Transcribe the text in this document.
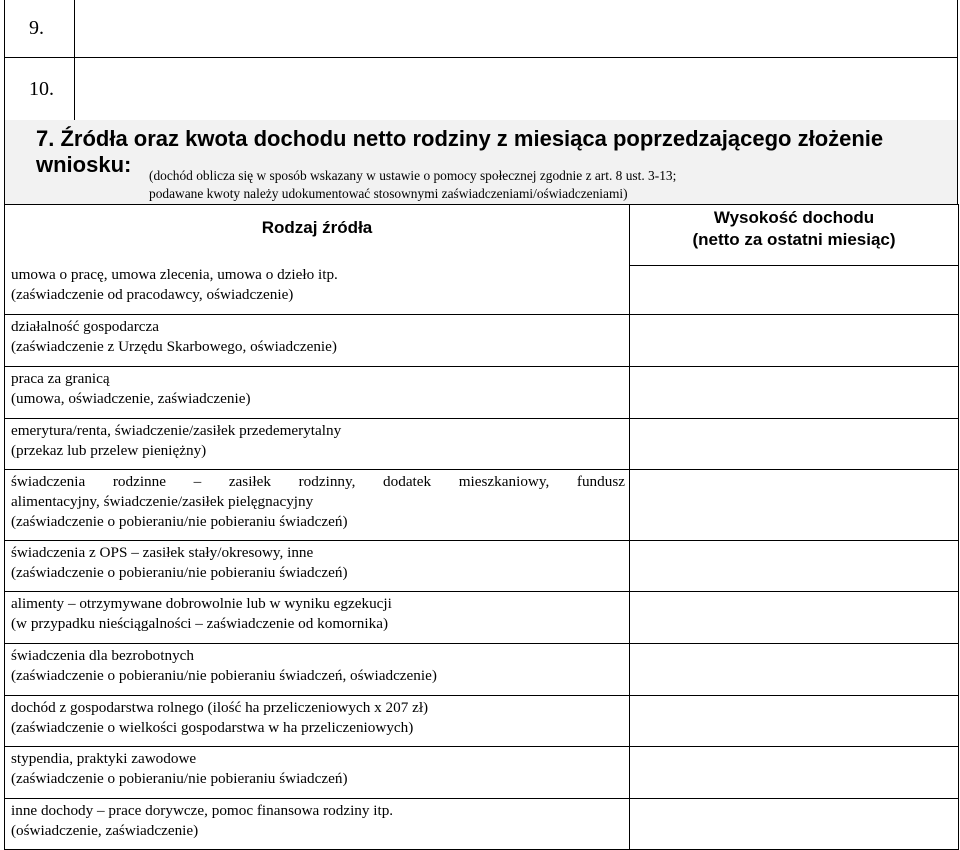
9.	
10.	
7. Źródła oraz kwota dochodu netto rodziny z miesiąca poprzedzającego złożenie
wniosku: (dochód oblicza się w sposób wskazany w ustawie o pomocy społecznej zgodnie z art. 8 ust. 3-13;
podawane kwoty należy udokumentować stosownymi zaświadczeniami/oświadczeniami)
Rodzaj źródła	Wysokość dochodu
(netto za ostatni miesiąc)

umowa o pracę, umowa zlecenia, umowa o dzieło itp.
(zaświadczenie od pracodawcy, oświadczenie)	

działalność gospodarcza
(zaświadczenie z Urzędu Skarbowego, oświadczenie)	

praca za granicą
(umowa, oświadczenie, zaświadczenie)	

emerytura/renta, świadczenie/zasiłek przedemerytalny
(przekaz lub przelew pieniężny)	

świadczenia rodzinne – zasiłek rodzinny, dodatek mieszkaniowy, fundusz
alimentacyjny, świadczenie/zasiłek pielęgnacyjny
(zaświadczenie o pobieraniu/nie pobieraniu świadczeń)	

świadczenia z OPS – zasiłek stały/okresowy, inne
(zaświadczenie o pobieraniu/nie pobieraniu świadczeń)	

alimenty – otrzymywane dobrowolnie lub w wyniku egzekucji
(w przypadku nieściągalności – zaświadczenie od komornika)	

świadczenia dla bezrobotnych
(zaświadczenie o pobieraniu/nie pobieraniu świadczeń, oświadczenie)	

dochód z gospodarstwa rolnego (ilość ha przeliczeniowych x 207 zł)
(zaświadczenie o wielkości gospodarstwa w ha przeliczeniowych)	

stypendia, praktyki zawodowe
(zaświadczenie o pobieraniu/nie pobieraniu świadczeń)	

inne dochody – prace dorywcze, pomoc finansowa rodziny itp.
(oświadczenie, zaświadczenie)	
